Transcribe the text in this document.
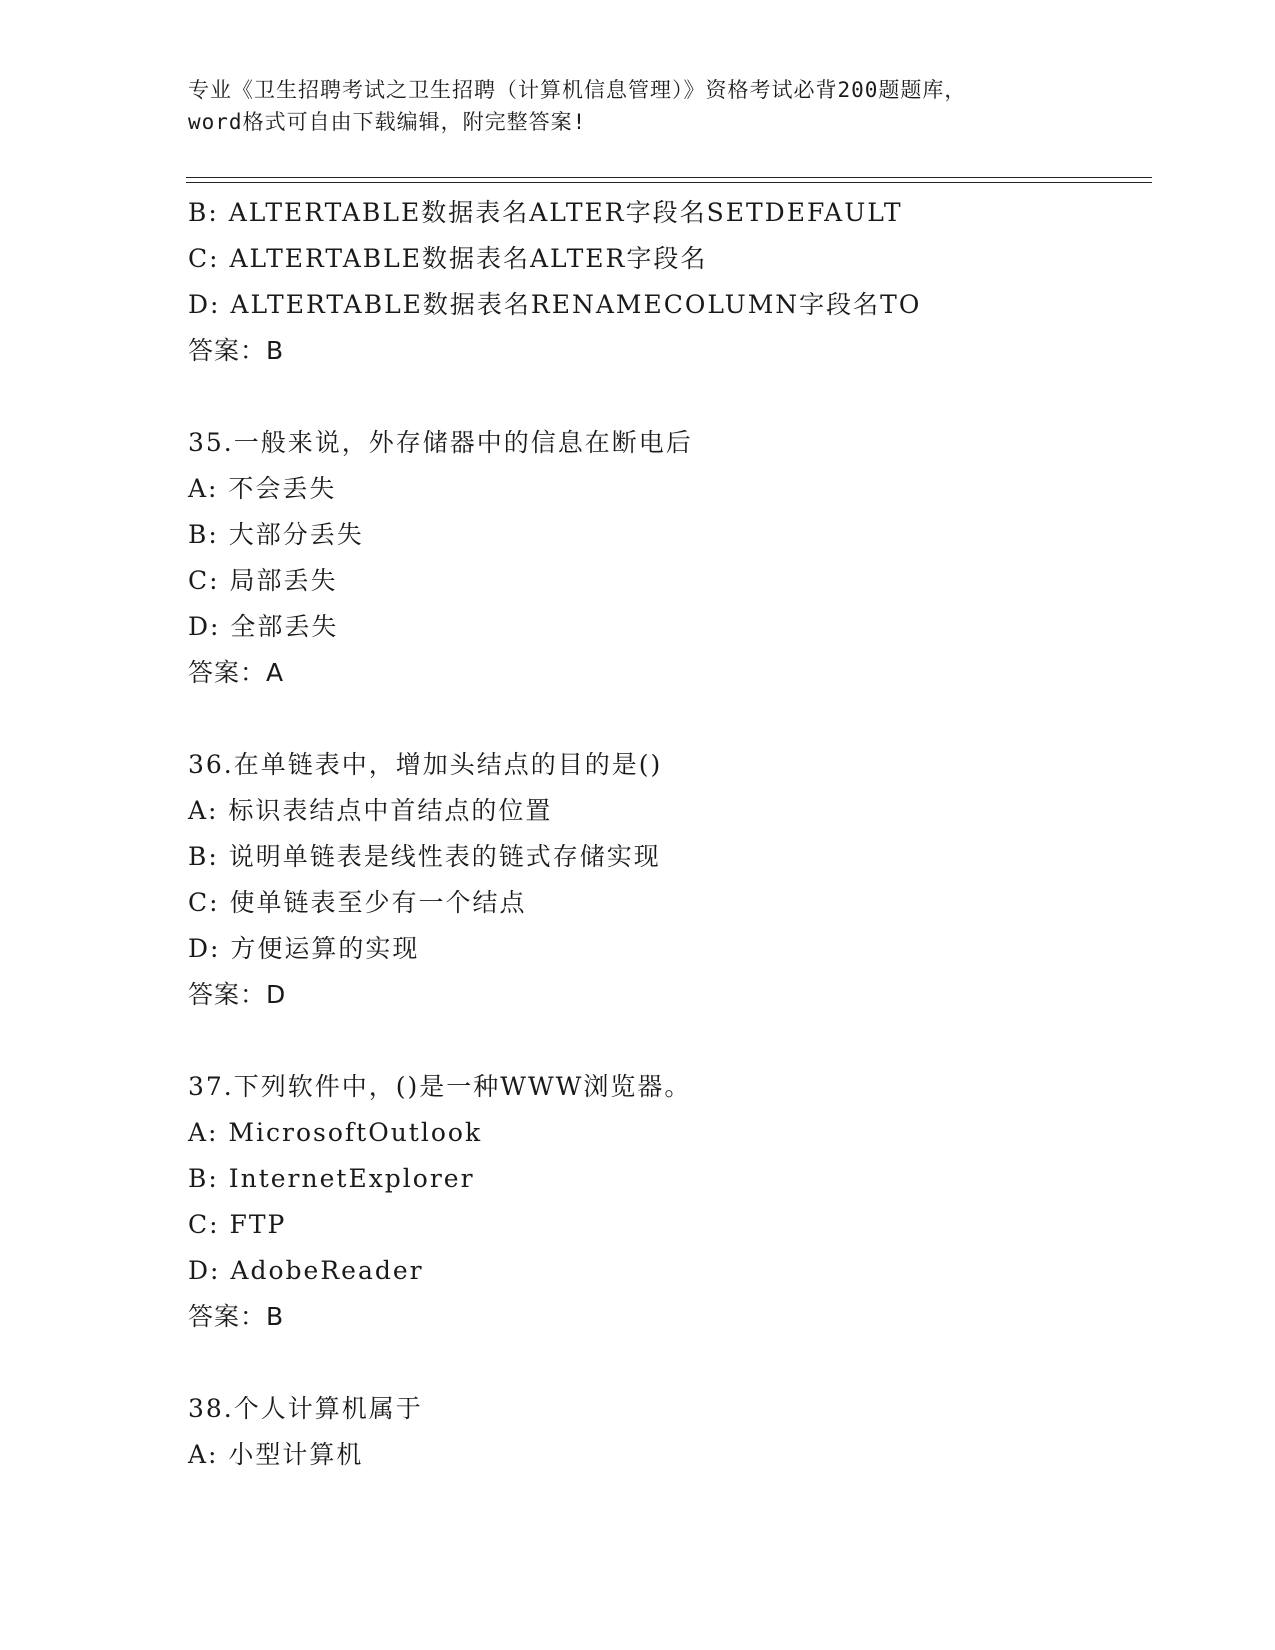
专业《卫生招聘考试之卫生招聘（计算机信息管理）》资格考试必背200题题库，
word格式可自由下载编辑，附完整答案!
B: ALTERTABLE数据表名ALTER字段名SETDEFAULT
C: ALTERTABLE数据表名ALTER字段名
D: ALTERTABLE数据表名RENAMECOLUMN字段名TO
答案：B
35.一般来说，外存储器中的信息在断电后
A: 不会丢失
B: 大部分丢失
C: 局部丢失
D: 全部丢失
答案：A
36.在单链表中，增加头结点的目的是()
A: 标识表结点中首结点的位置
B: 说明单链表是线性表的链式存储实现
C: 使单链表至少有一个结点
D: 方便运算的实现
答案：D
37.下列软件中，()是一种WWW浏览器。
A: MicrosoftOutlook
B: InternetExplorer
C: FTP
D: AdobeReader
答案：B
38.个人计算机属于
A: 小型计算机
